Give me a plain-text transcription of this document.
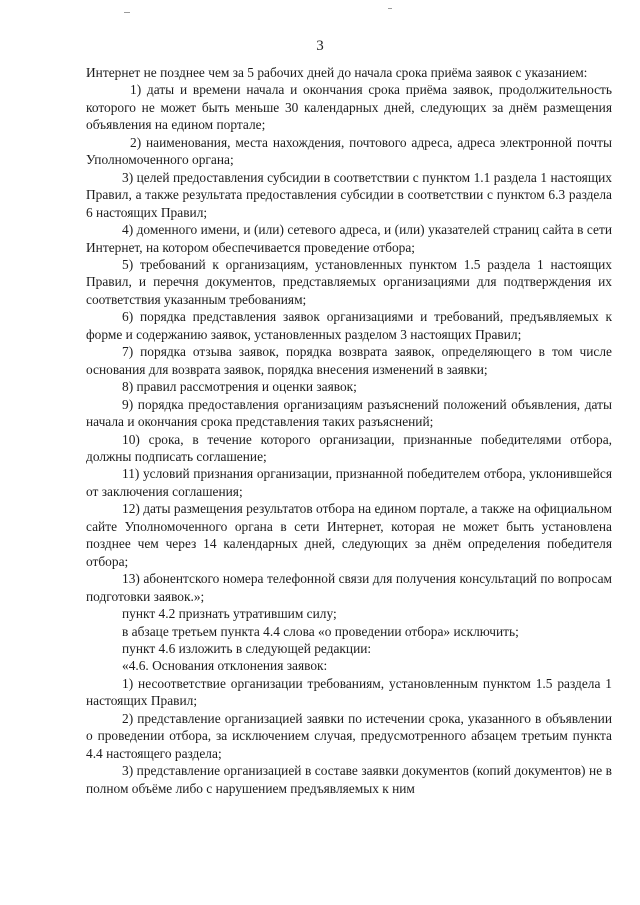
3

Интернет не позднее чем за 5 рабочих дней до начала срока приёма заявок с указанием:

1) даты и времени начала и окончания срока приёма заявок, продолжительность которого не может быть меньше 30 календарных дней, следующих за днём размещения объявления на едином портале;

2) наименования, места нахождения, почтового адреса, адреса электронной почты Уполномоченного органа;

3) целей предоставления субсидии в соответствии с пунктом 1.1 раздела 1 настоящих Правил, а также результата предоставления субсидии в соответствии с пунктом 6.3 раздела 6 настоящих Правил;

4) доменного имени, и (или) сетевого адреса, и (или) указателей страниц сайта в сети Интернет, на котором обеспечивается проведение отбора;

5) требований к организациям, установленных пунктом 1.5 раздела 1 настоящих Правил, и перечня документов, представляемых организациями для подтверждения их соответствия указанным требованиям;

6) порядка представления заявок организациями и требований, предъявляемых к форме и содержанию заявок, установленных разделом 3 настоящих Правил;

7) порядка отзыва заявок, порядка возврата заявок, определяющего в том числе основания для возврата заявок, порядка внесения изменений в заявки;

8) правил рассмотрения и оценки заявок;

9) порядка предоставления организациям разъяснений положений объявления, даты начала и окончания срока представления таких разъяснений;

10) срока, в течение которого организации, признанные победителями отбора, должны подписать соглашение;

11) условий признания организации, признанной победителем отбора, уклонившейся от заключения соглашения;

12) даты размещения результатов отбора на едином портале, а также на официальном сайте Уполномоченного органа в сети Интернет, которая не может быть установлена позднее чем через 14 календарных дней, следующих за днём определения победителя отбора;

13) абонентского номера телефонной связи для получения консультаций по вопросам подготовки заявок.»;

пункт 4.2 признать утратившим силу;

в абзаце третьем пункта 4.4 слова «о проведении отбора» исключить;

пункт 4.6 изложить в следующей редакции:

«4.6. Основания отклонения заявок:

1) несоответствие организации требованиям, установленным пунктом 1.5 раздела 1 настоящих Правил;

2) представление организацией заявки по истечении срока, указанного в объявлении о проведении отбора, за исключением случая, предусмотренного абзацем третьим пункта 4.4 настоящего раздела;

3) представление организацией в составе заявки документов (копий документов) не в полном объёме либо с нарушением предъявляемых к ним
